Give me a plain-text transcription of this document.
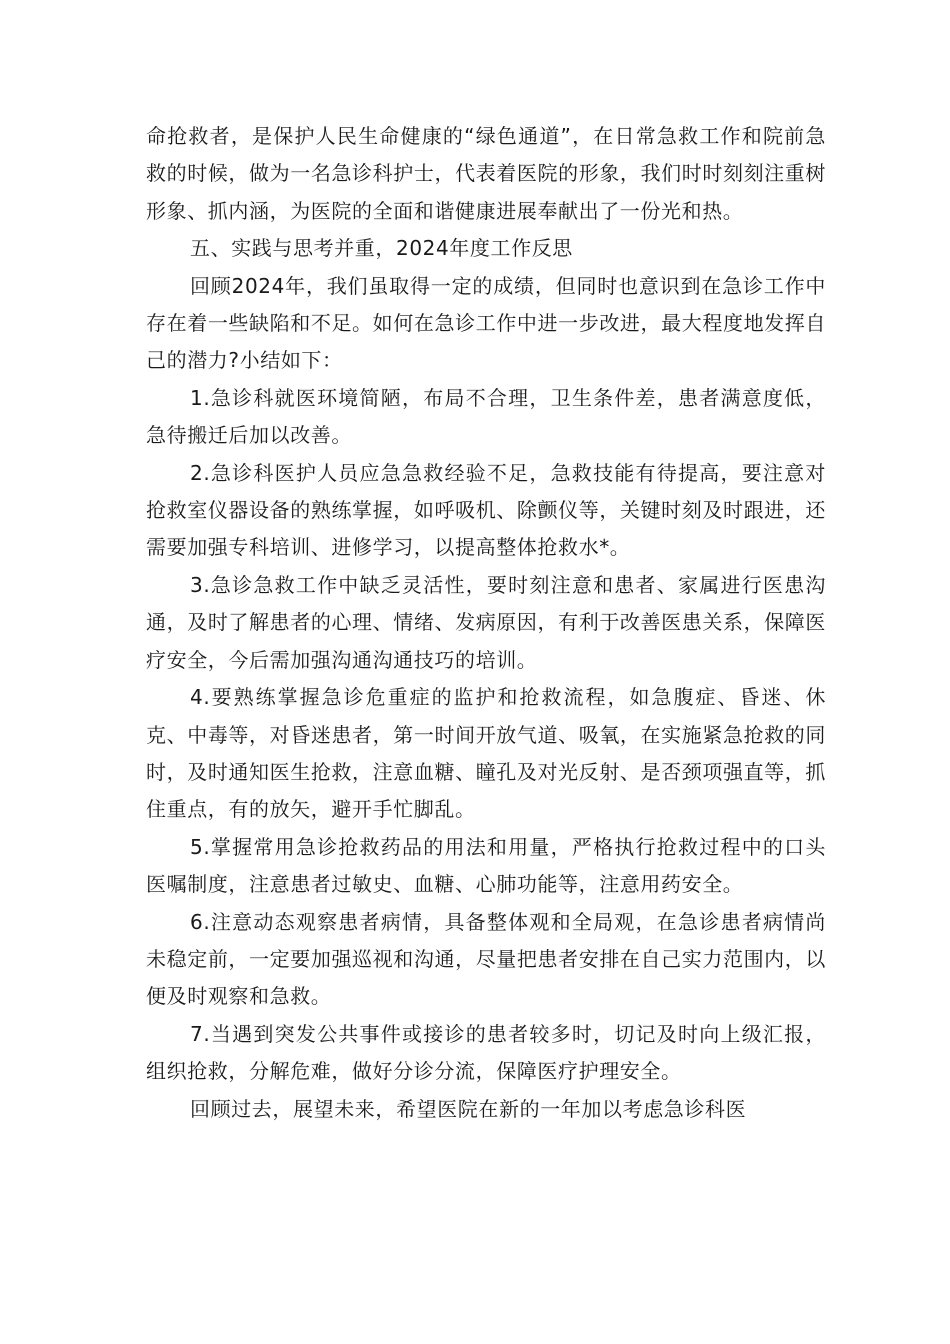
命抢救者，是保护人民生命健康的“绿色通道”，在日常急救工作和院前急救的时候，做为一名急诊科护士，代表着医院的形象，我们时时刻刻注重树形象、抓内涵，为医院的全面和谐健康进展奉献出了一份光和热。

五、实践与思考并重，2024年度工作反思

回顾2024年，我们虽取得一定的成绩，但同时也意识到在急诊工作中存在着一些缺陷和不足。如何在急诊工作中进一步改进，最大程度地发挥自己的潜力?小结如下：

1.急诊科就医环境简陋，布局不合理，卫生条件差，患者满意度低，急待搬迁后加以改善。

2.急诊科医护人员应急急救经验不足，急救技能有待提高，要注意对抢救室仪器设备的熟练掌握，如呼吸机、除颤仪等，关键时刻及时跟进，还需要加强专科培训、进修学习，以提高整体抢救水*。

3.急诊急救工作中缺乏灵活性，要时刻注意和患者、家属进行医患沟通，及时了解患者的心理、情绪、发病原因，有利于改善医患关系，保障医疗安全，今后需加强沟通沟通技巧的培训。

4.要熟练掌握急诊危重症的监护和抢救流程，如急腹症、昏迷、休克、中毒等，对昏迷患者，第一时间开放气道、吸氧，在实施紧急抢救的同时，及时通知医生抢救，注意血糖、瞳孔及对光反射、是否颈项强直等，抓住重点，有的放矢，避开手忙脚乱。

5.掌握常用急诊抢救药品的用法和用量，严格执行抢救过程中的口头医嘱制度，注意患者过敏史、血糖、心肺功能等，注意用药安全。

6.注意动态观察患者病情，具备整体观和全局观，在急诊患者病情尚未稳定前，一定要加强巡视和沟通，尽量把患者安排在自己实力范围内，以便及时观察和急救。

7.当遇到突发公共事件或接诊的患者较多时，切记及时向上级汇报，组织抢救，分解危难，做好分诊分流，保障医疗护理安全。

回顾过去，展望未来，希望医院在新的一年加以考虑急诊科医
